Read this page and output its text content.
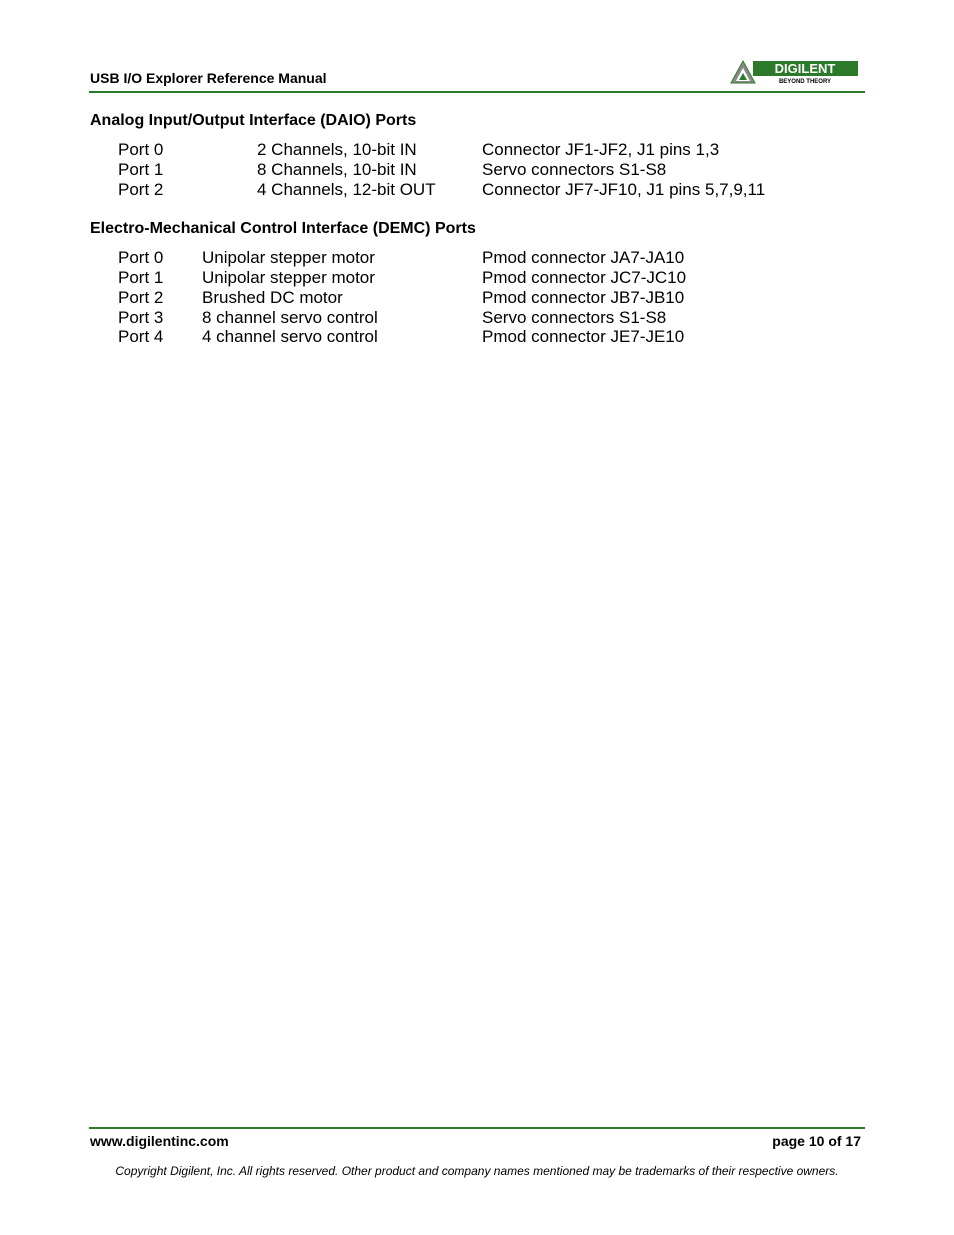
USB I/O Explorer Reference Manual
DIGILENT
BEYOND THEORY
Analog Input/Output Interface (DAIO) Ports
Port 0	2 Channels, 10-bit IN	Connector JF1-JF2, J1 pins 1,3
Port 1	8 Channels, 10-bit IN	Servo connectors S1-S8
Port 2	4 Channels, 12-bit OUT	Connector JF7-JF10, J1 pins 5,7,9,11
Electro-Mechanical Control Interface (DEMC) Ports
Port 0 Unipolar stepper motor	Pmod connector JA7-JA10
Port 1 Unipolar stepper motor	Pmod connector JC7-JC10
Port 2 Brushed DC motor	Pmod connector JB7-JB10
Port 3 8 channel servo control	Servo connectors S1-S8
Port 4 4 channel servo control	Pmod connector JE7-JE10
www.digilentinc.com	page 10 of 17
Copyright Digilent, Inc. All rights reserved. Other product and company names mentioned may be trademarks of their respective owners.
